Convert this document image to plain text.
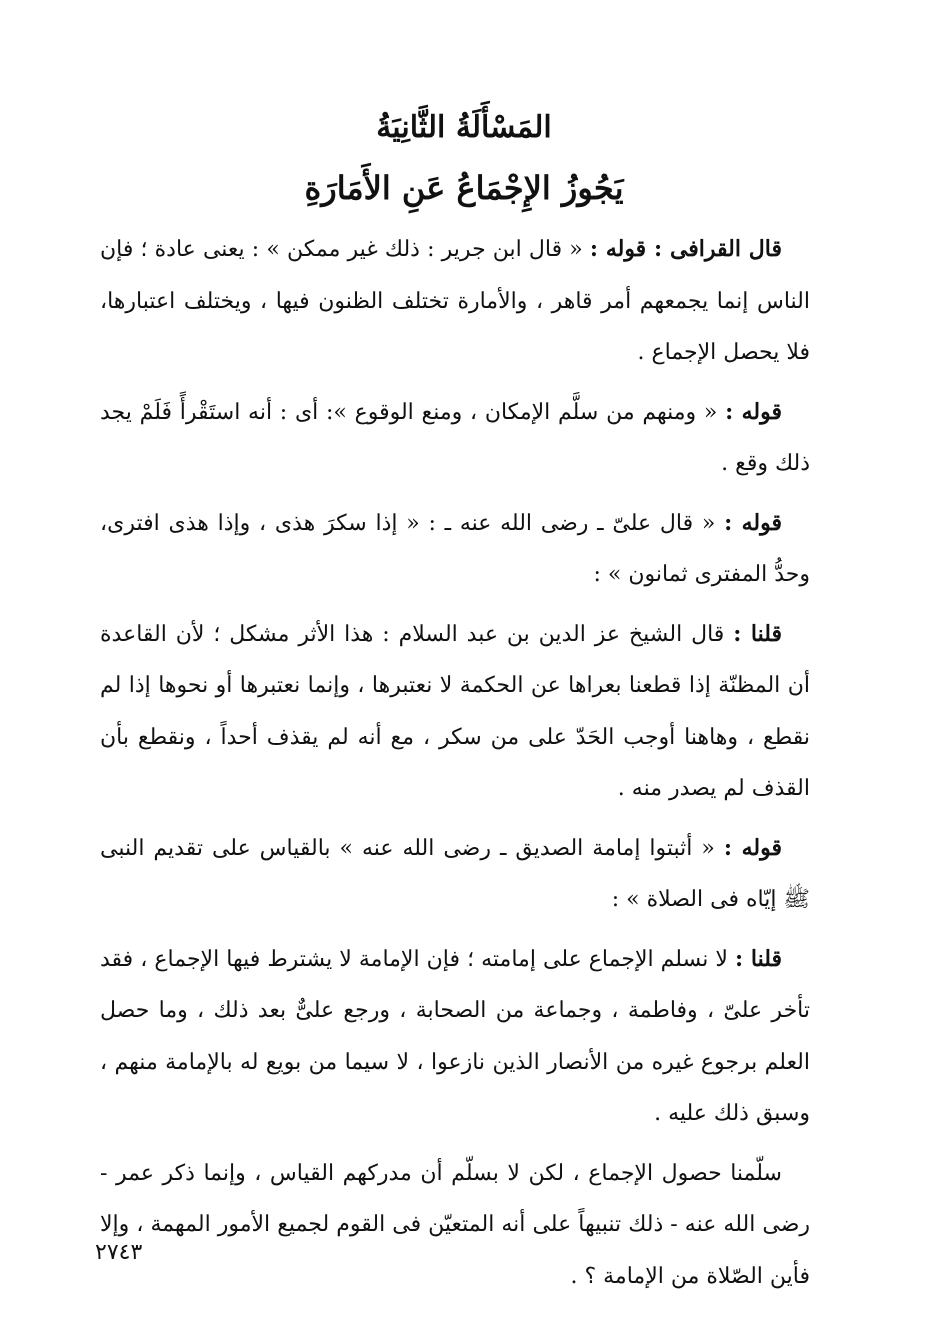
المَسْأَلَةُ الثَّانِيَةُ
يَجُوزُ الإِجْمَاعُ عَنِ الأَمَارَةِ

قال القرافى : قوله : « قال ابن جرير : ذلك غير ممكن » : يعنى عادة ؛ فإن الناس إنما يجمعهم أمر قاهر ، والأمارة تختلف الظنون فيها ، ويختلف اعتبارها، فلا يحصل الإجماع .

قوله : « ومنهم من سلَّم الإمكان ، ومنع الوقوع »: أى : أنه استَقْرأً فَلَمْ يجد ذلك وقع .

قوله : « قال علىّ ـ رضى الله عنه ـ : « إذا سكرَ هذى ، وإذا هذى افترى، وحدُّ المفترى ثمانون » :

قلنا : قال الشيخ عز الدين بن عبد السلام : هذا الأثر مشكل ؛ لأن القاعدة أن المظنّة إذا قطعنا بعراها عن الحكمة لا نعتبرها ، وإنما نعتبرها أو نحوها إذا لم نقطع ، وهاهنا أوجب الحَدّ على من سكر ، مع أنه لم يقذف أحداً ، ونقطع بأن القذف لم يصدر منه .

قوله : « أثبتوا إمامة الصديق ـ رضى الله عنه » بالقياس على تقديم النبى ﷺ إيّاه فى الصلاة » :

قلنا : لا نسلم الإجماع على إمامته ؛ فإن الإمامة لا يشترط فيها الإجماع ، فقد تأخر علىّ ، وفاطمة ، وجماعة من الصحابة ، ورجع علىٌّ بعد ذلك ، وما حصل العلم برجوع غيره من الأنصار الذين نازعوا ، لا سيما من بويع له بالإمامة منهم ، وسبق ذلك عليه .

سلّمنا حصول الإجماع ، لكن لا بسلّم أن مدركهم القياس ، وإنما ذكر عمر - رضى الله عنه - ذلك تنبيهاً على أنه المتعيّن فى القوم لجميع الأمور المهمة ، وإلا فأين الصّلاة من الإمامة ؟ .

٢٧٤٣
